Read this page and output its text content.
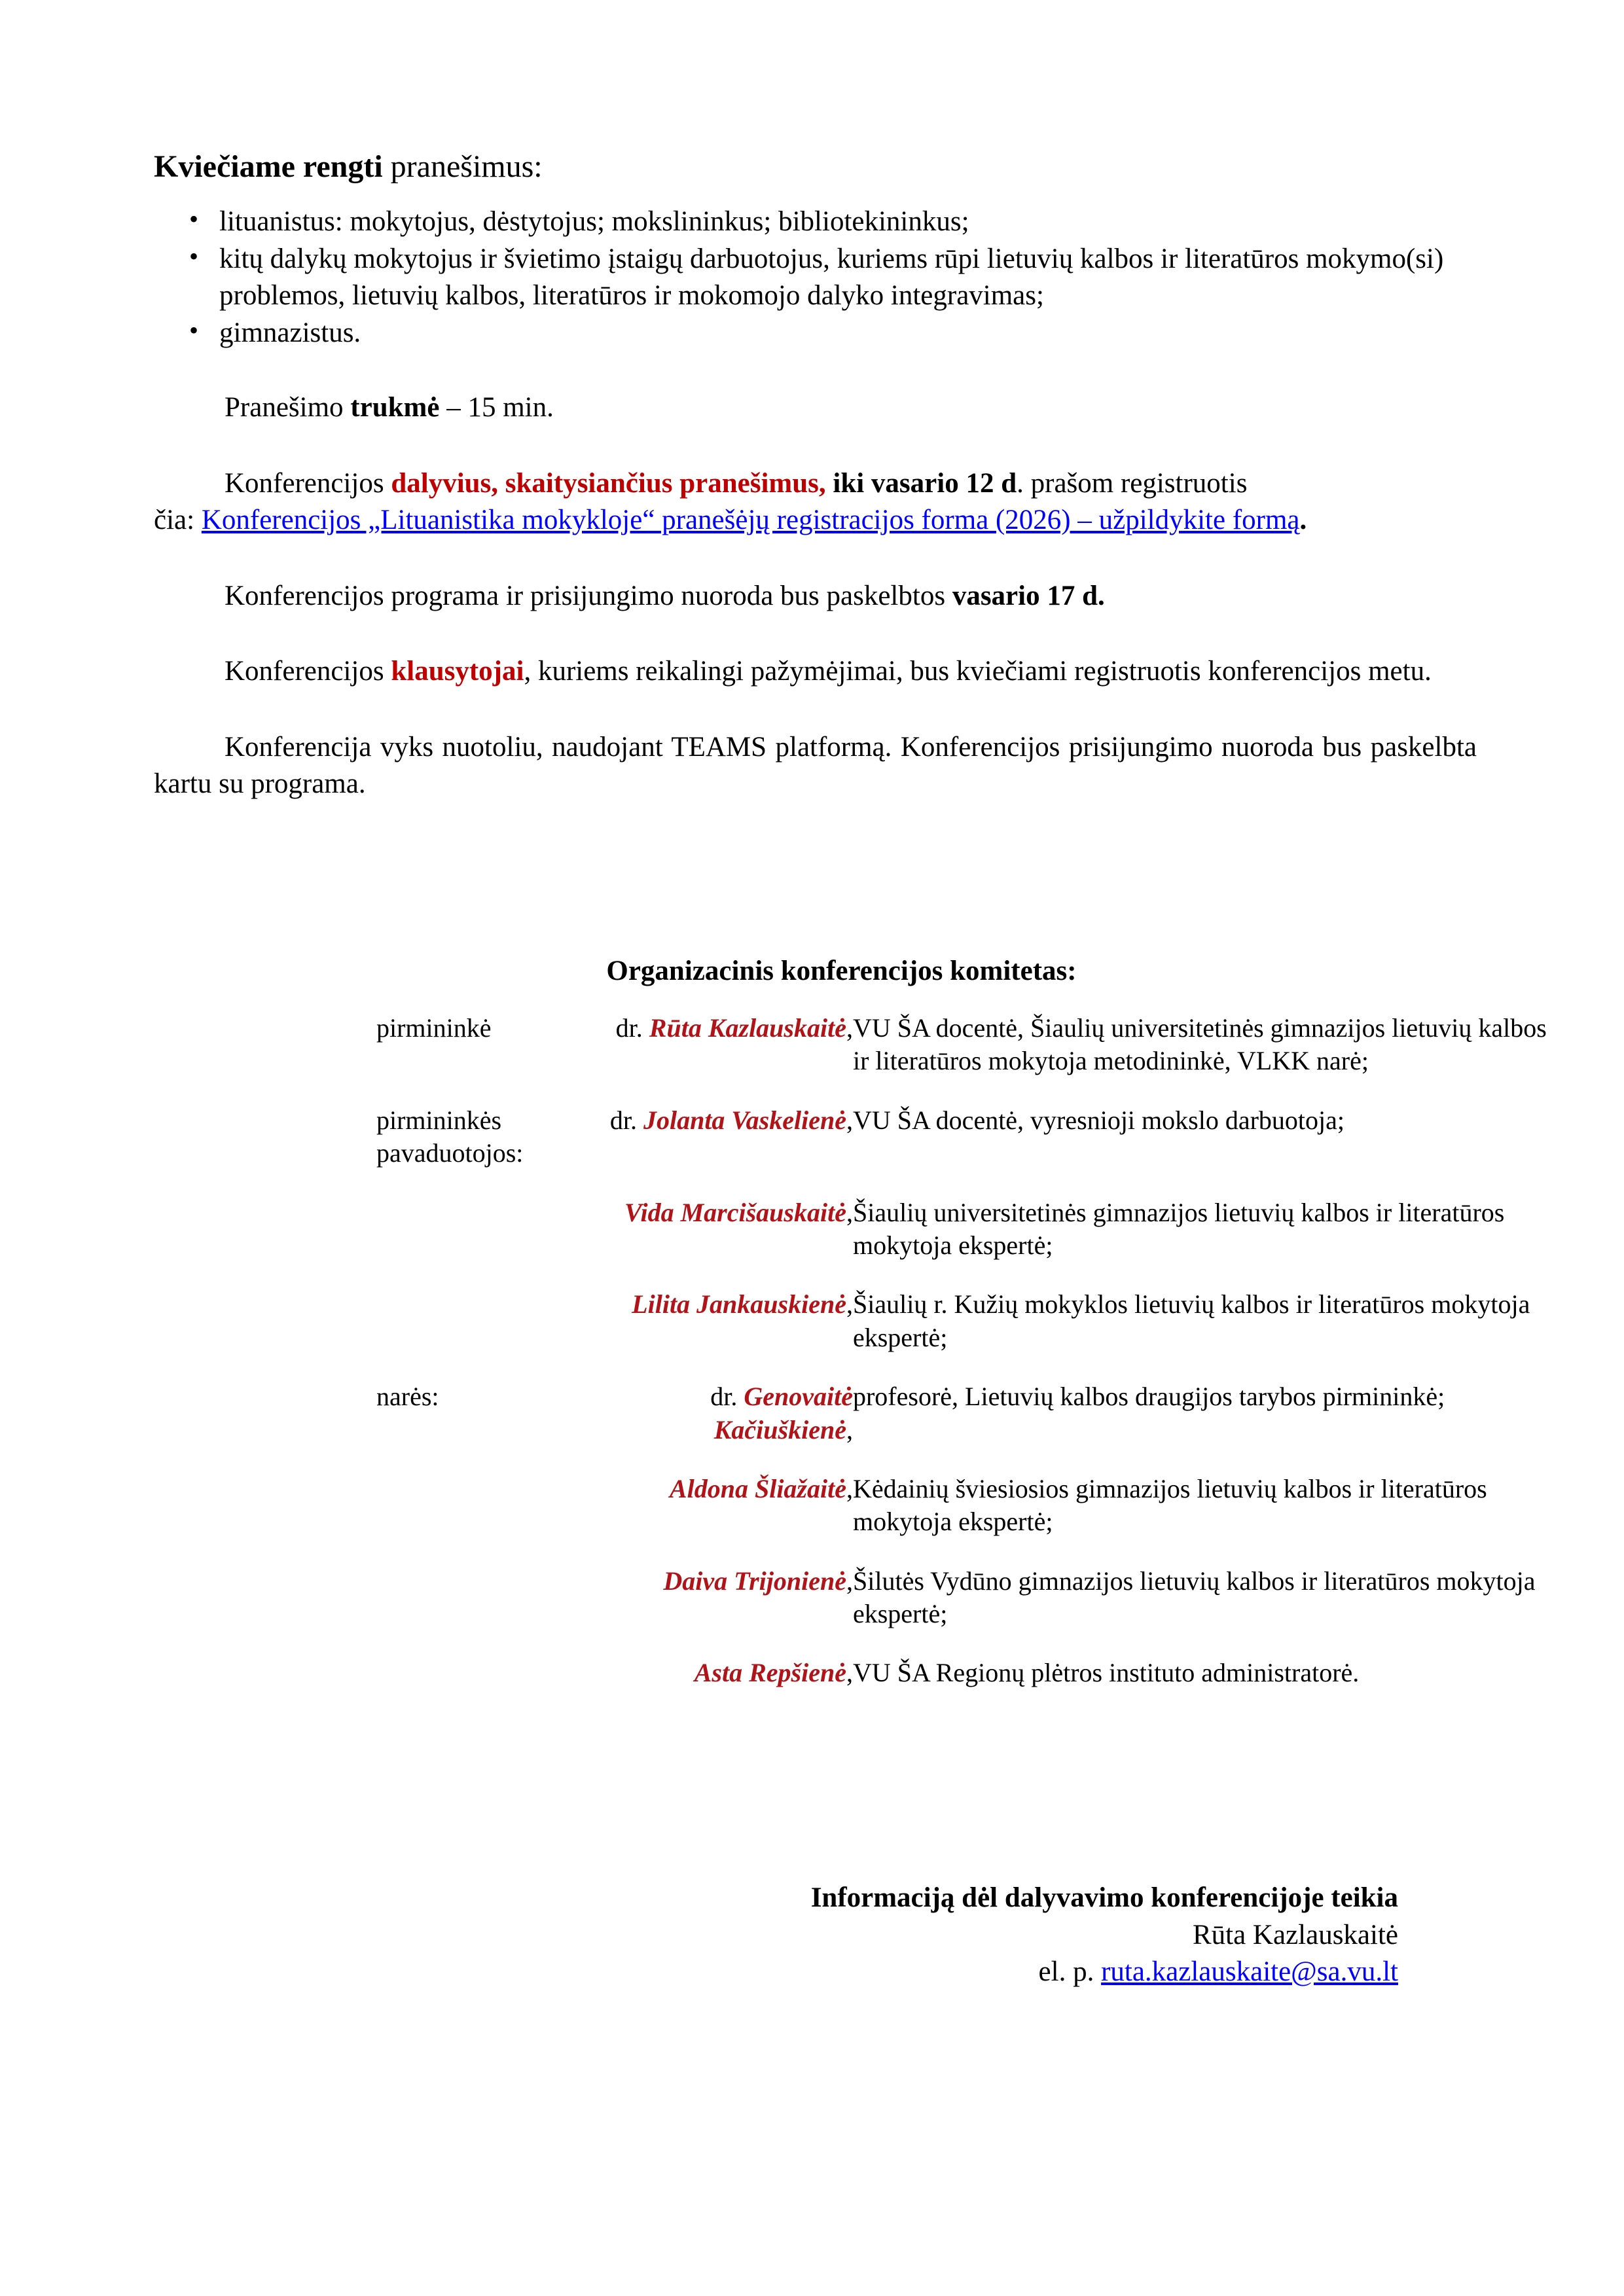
Kviečiame rengti pranešimus:

• lituanistus: mokytojus, dėstytojus; mokslininkus; bibliotekininkus;
• kitų dalykų mokytojus ir švietimo įstaigų darbuotojus, kuriems rūpi lietuvių kalbos ir literatūros mokymo(si) problemos, lietuvių kalbos, literatūros ir mokomojo dalyko integravimas;
• gimnazistus.

Pranešimo trukmė – 15 min.

Konferencijos dalyvius, skaitysiančius pranešimus, iki vasario 12 d. prašom registruotis

čia: Konferencijos „Lituanistika mokykloje“ pranešėjų registracijos forma (2026) – užpildykite formą.

Konferencijos programa ir prisijungimo nuoroda bus paskelbtos vasario 17 d.

Konferencijos klausytojai, kuriems reikalingi pažymėjimai, bus kviečiami registruotis konferencijos metu.

Konferencija vyks nuotoliu, naudojant TEAMS platformą. Konferencijos prisijungimo nuoroda bus paskelbta kartu su programa.

Organizacinis konferencijos komitetas:

pirmininkė	dr. Rūta Kazlauskaitė,	VU ŠA docentė, Šiaulių universitetinės gimnazijos lietuvių kalbos ir literatūros mokytoja metodininkė, VLKK narė;
pirmininkės pavaduotojos:	dr. Jolanta Vaskelienė,	VU ŠA docentė, vyresnioji mokslo darbuotoja;
	Vida Marcišauskaitė,	Šiaulių universitetinės gimnazijos lietuvių kalbos ir literatūros mokytoja ekspertė;
	Lilita Jankauskienė,	Šiaulių r. Kužių mokyklos lietuvių kalbos ir literatūros mokytoja ekspertė;
narės:	dr. Genovaitė Kačiuškienė,	profesorė, Lietuvių kalbos draugijos tarybos pirmininkė;
	Aldona Šliažaitė,	Kėdainių šviesiosios gimnazijos lietuvių kalbos ir literatūros mokytoja ekspertė;
	Daiva Trijonienė,	Šilutės Vydūno gimnazijos lietuvių kalbos ir literatūros mokytoja ekspertė;
	Asta Repšienė,	VU ŠA Regionų plėtros instituto administratorė.
Informaciją dėl dalyvavimo konferencijoje teikia
Rūta Kazlauskaitė
el. p. ruta.kazlauskaite@sa.vu.lt
